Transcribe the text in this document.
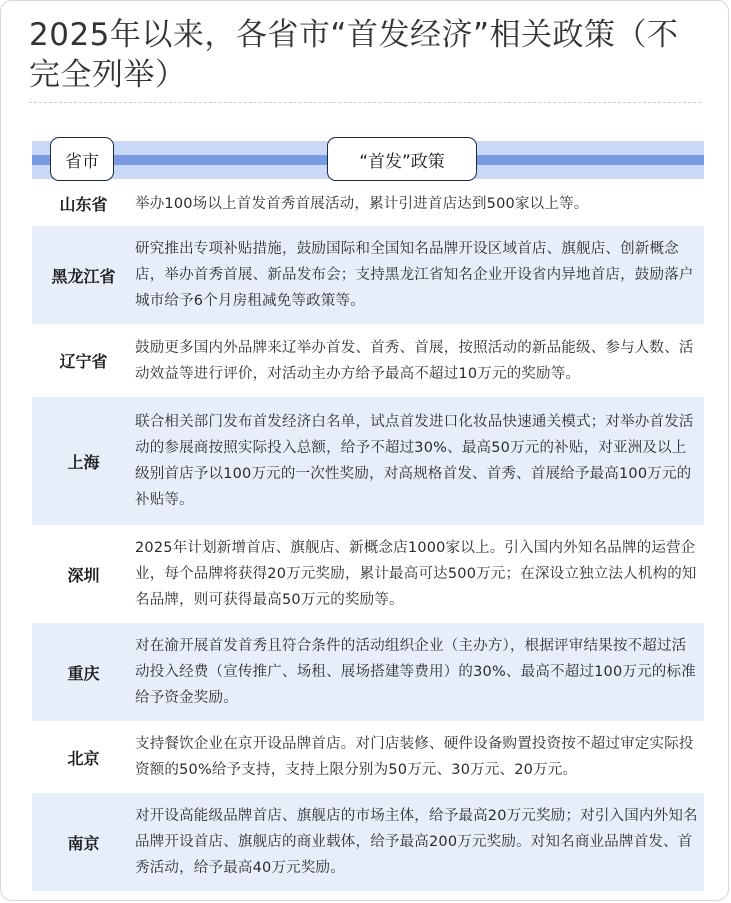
2025年以来，各省市“首发经济”相关政策（不完全列举）
省市	“首发”政策
山东省	举办100场以上首发首秀首展活动，累计引进首店达到500家以上等。
黑龙江省
研究推出专项补贴措施，鼓励国际和全国知名品牌开设区域首店、旗舰店、创新概念店，举办首秀首展、新品发布会；支持黑龙江省知名企业开设省内异地首店，鼓励落户城市给予6个月房租减免等政策等。
辽宁省
鼓励更多国内外品牌来辽举办首发、首秀、首展，按照活动的新品能级、参与人数、活动效益等进行评价，对活动主办方给予最高不超过10万元的奖励等。
上海
联合相关部门发布首发经济白名单，试点首发进口化妆品快速通关模式；对举办首发活动的参展商按照实际投入总额，给予不超过30%、最高50万元的补贴，对亚洲及以上级别首店予以100万元的一次性奖励，对高规格首发、首秀、首展给予最高100万元的补贴等。
深圳
2025年计划新增首店、旗舰店、新概念店1000家以上。引入国内外知名品牌的运营企业，每个品牌将获得20万元奖励，累计最高可达500万元；在深设立独立法人机构的知名品牌，则可获得最高50万元的奖励等。
重庆
对在渝开展首发首秀且符合条件的活动组织企业（主办方），根据评审结果按不超过活动投入经费（宣传推广、场租、展场搭建等费用）的30%、最高不超过100万元的标准给予资金奖励。
北京
支持餐饮企业在京开设品牌首店。对门店装修、硬件设备购置投资按不超过审定实际投资额的50%给予支持，支持上限分别为50万元、30万元、20万元。
南京
对开设高能级品牌首店、旗舰店的市场主体，给予最高20万元奖励；对引入国内外知名品牌开设首店、旗舰店的商业载体，给予最高200万元奖励。对知名商业品牌首发、首秀活动，给予最高40万元奖励。
